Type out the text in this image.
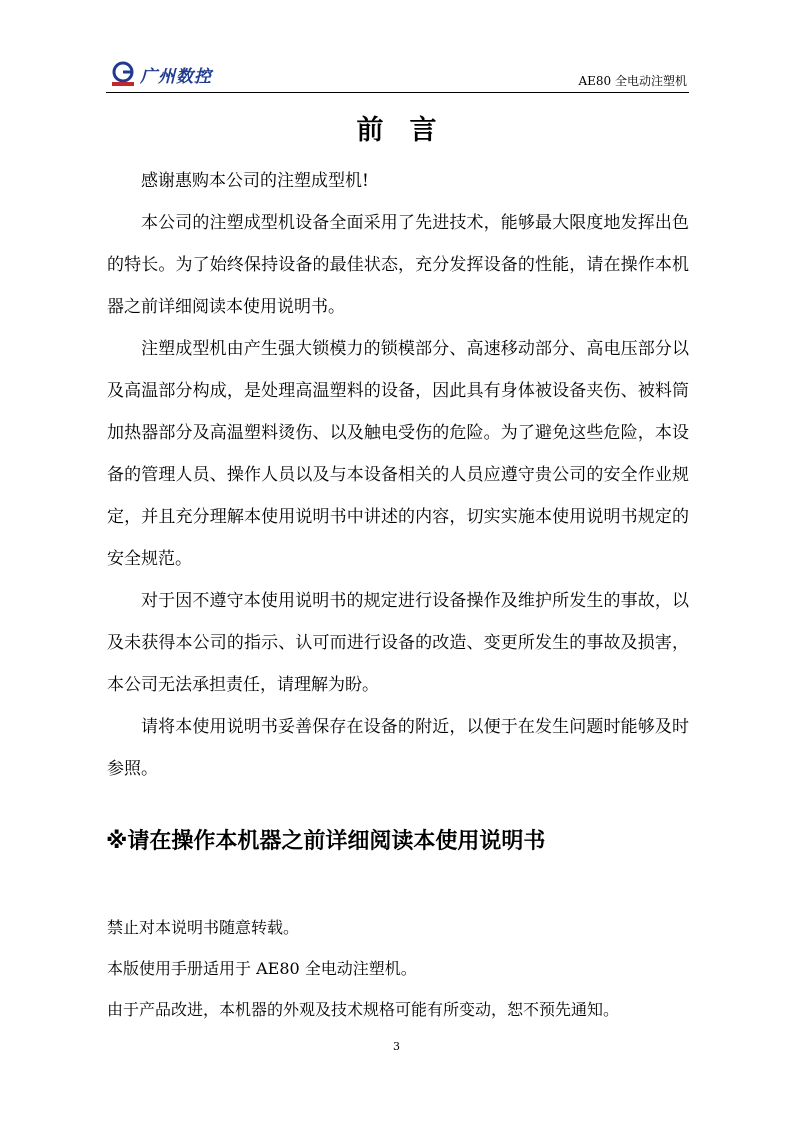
广州数控	AE80 全电动注塑机
前言

感谢惠购本公司的注塑成型机!

本公司的注塑成型机设备全面采用了先进技术，能够最大限度地发挥出色的特长。为了始终保持设备的最佳状态，充分发挥设备的性能，请在操作本机器之前详细阅读本使用说明书。

注塑成型机由产生强大锁模力的锁模部分、高速移动部分、高电压部分以及高温部分构成，是处理高温塑料的设备，因此具有身体被设备夹伤、被料筒加热器部分及高温塑料烫伤、以及触电受伤的危险。为了避免这些危险，本设备的管理人员、操作人员以及与本设备相关的人员应遵守贵公司的安全作业规定，并且充分理解本使用说明书中讲述的内容，切实实施本使用说明书规定的安全规范。

对于因不遵守本使用说明书的规定进行设备操作及维护所发生的事故，以及未获得本公司的指示、认可而进行设备的改造、变更所发生的事故及损害，本公司无法承担责任，请理解为盼。

请将本使用说明书妥善保存在设备的附近，以便于在发生问题时能够及时参照。

※请在操作本机器之前详细阅读本使用说明书

禁止对本说明书随意转载。

本版使用手册适用于 AE80 全电动注塑机。

由于产品改进，本机器的外观及技术规格可能有所变动，恕不预先通知。

3
